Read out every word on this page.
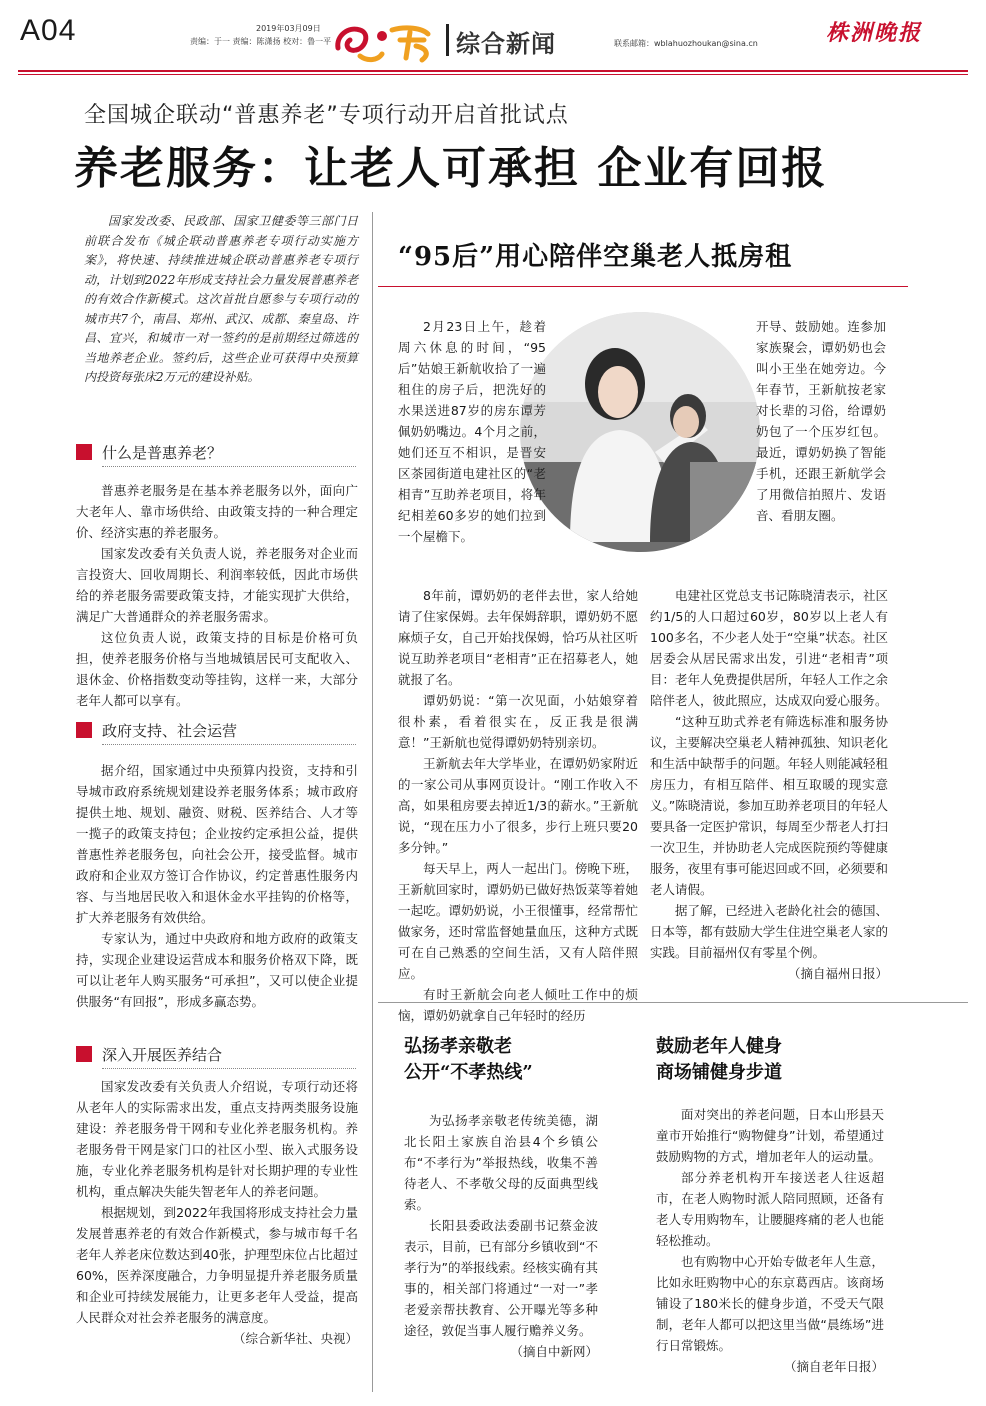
A04	2019年03月09日
责编：于一 责编：陈潇扬 校对：鲁一平	综合新闻	联系邮箱：wblahuozhoukan@sina.cn	株洲晚报
全国城企联动“普惠养老”专项行动开启首批试点
养老服务：让老人可承担 企业有回报
国家发改委、民政部、国家卫健委等三部门日前联合发布《城企联动普惠养老专项行动实施方案》，将快速、持续推进城企联动普惠养老专项行动，计划到2022年形成支持社会力量发展普惠养老的有效合作新模式。这次首批自愿参与专项行动的城市共7个，南昌、郑州、武汉、成都、秦皇岛、许昌、宜兴，和城市一对一签约的是前期经过筛选的当地养老企业。签约后，这些企业可获得中央预算内投资每张床2万元的建设补贴。
什么是普惠养老？

普惠养老服务是在基本养老服务以外，面向广大老年人、靠市场供给、由政策支持的一种合理定价、经济实惠的养老服务。

国家发改委有关负责人说，养老服务对企业而言投资大、回收周期长、利润率较低，因此市场供给的养老服务需要政策支持，才能实现扩大供给，满足广大普通群众的养老服务需求。

这位负责人说，政策支持的目标是价格可负担，使养老服务价格与当地城镇居民可支配收入、退休金、价格指数变动等挂钩，这样一来，大部分老年人都可以享有。

政府支持、社会运营

据介绍，国家通过中央预算内投资，支持和引导城市政府系统规划建设养老服务体系；城市政府提供土地、规划、融资、财税、医养结合、人才等一揽子的政策支持包；企业按约定承担公益，提供普惠性养老服务包，向社会公开，接受监督。城市政府和企业双方签订合作协议，约定普惠性服务内容、与当地居民收入和退休金水平挂钩的价格等，扩大养老服务有效供给。

专家认为，通过中央政府和地方政府的政策支持，实现企业建设运营成本和服务价格双下降，既可以让老年人购买服务“可承担”，又可以使企业提供服务“有回报”，形成多赢态势。

深入开展医养结合

国家发改委有关负责人介绍说，专项行动还将从老年人的实际需求出发，重点支持两类服务设施建设：养老服务骨干网和专业化养老服务机构。养老服务骨干网是家门口的社区小型、嵌入式服务设施，专业化养老服务机构是针对长期护理的专业性机构，重点解决失能失智老年人的养老问题。

根据规划，到2022年我国将形成支持社会力量发展普惠养老的有效合作新模式，参与城市每千名老年人养老床位数达到40张，护理型床位占比超过60%，医养深度融合，力争明显提升养老服务质量和企业可持续发展能力，让更多老年人受益，提高人民群众对社会养老服务的满意度。

（综合新华社、央视）

“95后”用心陪伴空巢老人抵房租

2月23日上午，趁着周六休息的时间，“95后”姑娘王新航收拾了一遍租住的房子后，把洗好的水果送进87岁的房东谭芳佩奶奶嘴边。4个月之前，她们还互不相识，是晋安区茶园街道电建社区的“老相青”互助养老项目，将年纪相差60多岁的她们拉到一个屋檐下。

开导、鼓励她。连参加家族聚会，谭奶奶也会叫小王坐在她旁边。今年春节，王新航按老家对长辈的习俗，给谭奶奶包了一个压岁红包。最近，谭奶奶换了智能手机，还跟王新航学会了用微信拍照片、发语音、看朋友圈。

8年前，谭奶奶的老伴去世，家人给她请了住家保姆。去年保姆辞职，谭奶奶不愿麻烦子女，自己开始找保姆，恰巧从社区听说互助养老项目“老相青”正在招募老人，她就报了名。

谭奶奶说：“第一次见面，小姑娘穿着很朴素，看着很实在，反正我是很满意！”王新航也觉得谭奶奶特别亲切。

王新航去年大学毕业，在谭奶奶家附近的一家公司从事网页设计。“刚工作收入不高，如果租房要去掉近1/3的薪水。”王新航说，“现在压力小了很多，步行上班只要20多分钟。”

每天早上，两人一起出门。傍晚下班，王新航回家时，谭奶奶已做好热饭菜等着她一起吃。谭奶奶说，小王很懂事，经常帮忙做家务，还时常监督她量血压，这种方式既可在自己熟悉的空间生活，又有人陪伴照应。

有时王新航会向老人倾吐工作中的烦恼，谭奶奶就拿自己年轻时的经历

电建社区党总支书记陈晓清表示，社区约1/5的人口超过60岁，80岁以上老人有100多名，不少老人处于“空巢”状态。社区居委会从居民需求出发，引进“老相青”项目：老年人免费提供居所，年轻人工作之余陪伴老人，彼此照应，达成双向爱心服务。

“这种互助式养老有筛选标准和服务协议，主要解决空巢老人精神孤独、知识老化和生活中缺帮手的问题。年轻人则能减轻租房压力，有相互陪伴、相互取暖的现实意义。”陈晓清说，参加互助养老项目的年轻人要具备一定医护常识，每周至少帮老人打扫一次卫生，并协助老人完成医院预约等健康服务，夜里有事可能迟回或不回，必须要和老人请假。

据了解，已经进入老龄化社会的德国、日本等，都有鼓励大学生住进空巢老人家的实践。目前福州仅有零星个例。

（摘自福州日报）

弘扬孝亲敬老
公开“不孝热线”

为弘扬孝亲敬老传统美德，湖北长阳土家族自治县4个乡镇公布“不孝行为”举报热线，收集不善待老人、不孝敬父母的反面典型线索。

长阳县委政法委副书记蔡金波表示，目前，已有部分乡镇收到“不孝行为”的举报线索。经核实确有其事的，相关部门将通过“一对一”孝老爱亲帮扶教育、公开曝光等多种途径，敦促当事人履行赡养义务。

（摘自中新网）

鼓励老年人健身
商场铺健身步道

面对突出的养老问题，日本山形县天童市开始推行“购物健身”计划，希望通过鼓励购物的方式，增加老年人的运动量。

部分养老机构开车接送老人往返超市，在老人购物时派人陪同照顾，还备有老人专用购物车，让腰腿疼痛的老人也能轻松推动。

也有购物中心开始专做老年人生意，比如永旺购物中心的东京葛西店。该商场铺设了180米长的健身步道，不受天气限制，老年人都可以把这里当做“晨练场”进行日常锻炼。

（摘自老年日报）
